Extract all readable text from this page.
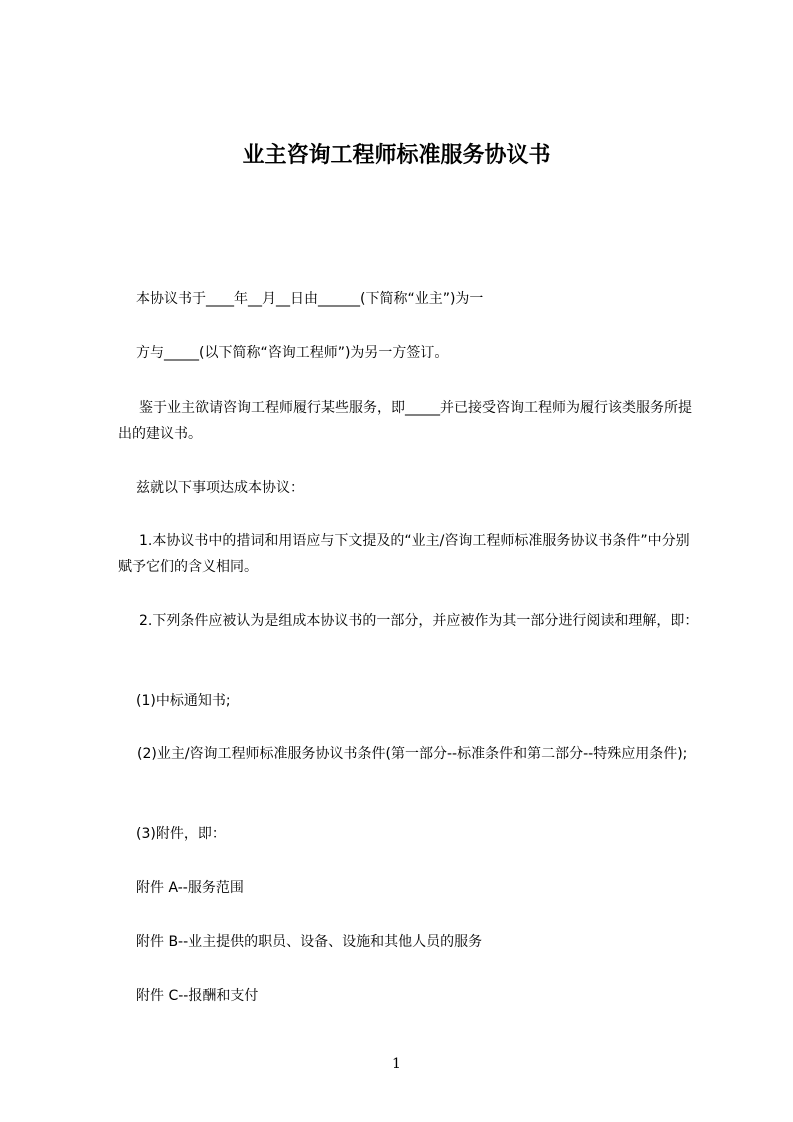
业主咨询工程师标准服务协议书
本协议书于____年__月__日由______(下简称“业主”)为一
方与_____(以下简称“咨询工程师”)为另一方签订。
鉴于业主欲请咨询工程师履行某些服务，即_____并已接受咨询工程师为履行该类服务所提出的建议书。
兹就以下事项达成本协议：
1.本协议书中的措词和用语应与下文提及的“业主/咨询工程师标准服务协议书条件”中分别赋予它们的含义相同。
2.下列条件应被认为是组成本协议书的一部分，并应被作为其一部分进行阅读和理解，即：
(1)中标通知书;
(2)业主/咨询工程师标准服务协议书条件(第一部分--标准条件和第二部分--特殊应用条件);
(3)附件，即：
附件 A--服务范围
附件 B--业主提供的职员、设备、设施和其他人员的服务
附件 C--报酬和支付
1
